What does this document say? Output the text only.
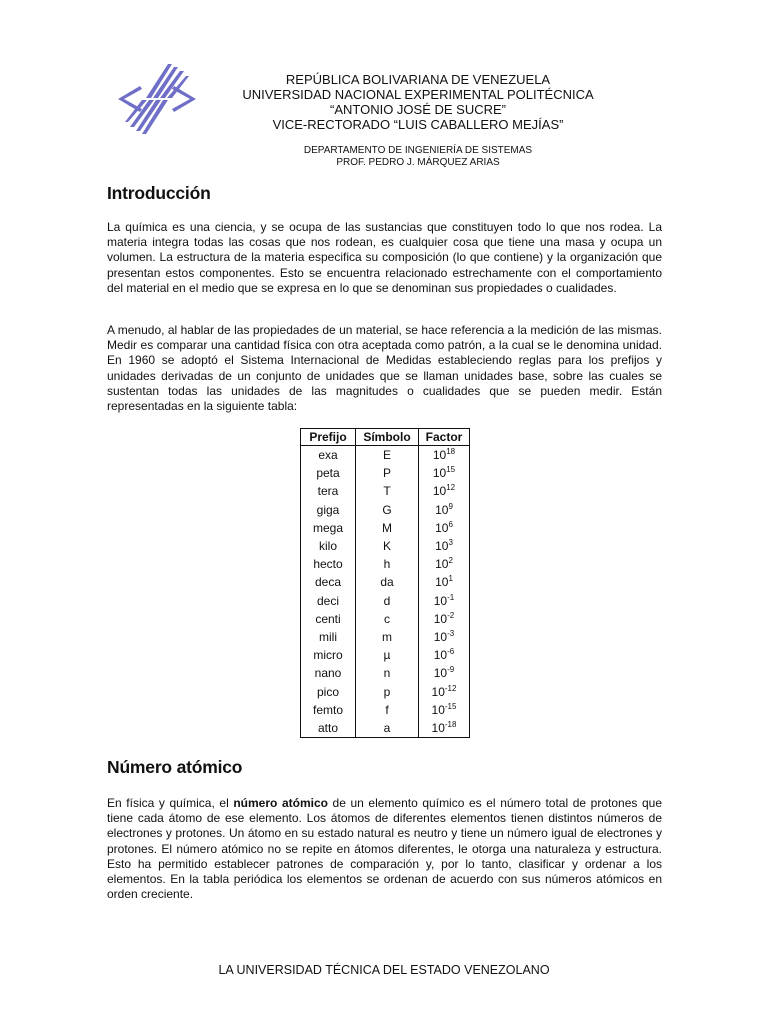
REPÚBLICA BOLIVARIANA DE VENEZUELA
UNIVERSIDAD NACIONAL EXPERIMENTAL POLITÉCNICA
“ANTONIO JOSÉ DE SUCRE”
VICE-RECTORADO “LUIS CABALLERO MEJÍAS”
DEPARTAMENTO DE INGENIERÍA DE SISTEMAS
PROF. PEDRO J. MÁRQUEZ ARIAS
Introducción

La química es una ciencia, y se ocupa de las sustancias que constituyen todo lo que nos rodea. La materia integra todas las cosas que nos rodean, es cualquier cosa que tiene una masa y ocupa un volumen. La estructura de la materia especifica su composición (lo que contiene) y la organización que presentan estos componentes. Esto se encuentra relacionado estrechamente con el comportamiento del material en el medio que se expresa en lo que se denominan sus propiedades o cualidades.

A menudo, al hablar de las propiedades de un material, se hace referencia a la medición de las mismas. Medir es comparar una cantidad física con otra aceptada como patrón, a la cual se le denomina unidad. En 1960 se adoptó el Sistema Internacional de Medidas estableciendo reglas para los prefijos y unidades derivadas de un conjunto de unidades que se llaman unidades base, sobre las cuales se sustentan todas las unidades de las magnitudes o cualidades que se pueden medir. Están representadas en la siguiente tabla:

Prefijo	Símbolo	Factor
exa	E	$10^{18}$
peta	P	$10^{15}$
tera	T	$10^{12}$
giga	G	$10^9$
mega	M	$10^6$
kilo	K	$10^3$
hecto	h	$10^2$
deca	da	$10^1$
deci	d	$10^{-1}$
centi	c	$10^{-2}$
mili	m	$10^{-3}$
micro	µ	$10^{-6}$
nano	n	$10^{-9}$
pico	p	$10^{-12}$
femto	f	$10^{-15}$
atto	a	$10^{-18}$
Número atómico

En física y química, el número atómico de un elemento químico es el número total de protones que tiene cada átomo de ese elemento. Los átomos de diferentes elementos tienen distintos números de electrones y protones. Un átomo en su estado natural es neutro y tiene un número igual de electrones y protones. El número atómico no se repite en átomos diferentes, le otorga una naturaleza y estructura. Esto ha permitido establecer patrones de comparación y, por lo tanto, clasificar y ordenar a los elementos. En la tabla periódica los elementos se ordenan de acuerdo con sus números atómicos en orden creciente.

LA UNIVERSIDAD TÉCNICA DEL ESTADO VENEZOLANO
